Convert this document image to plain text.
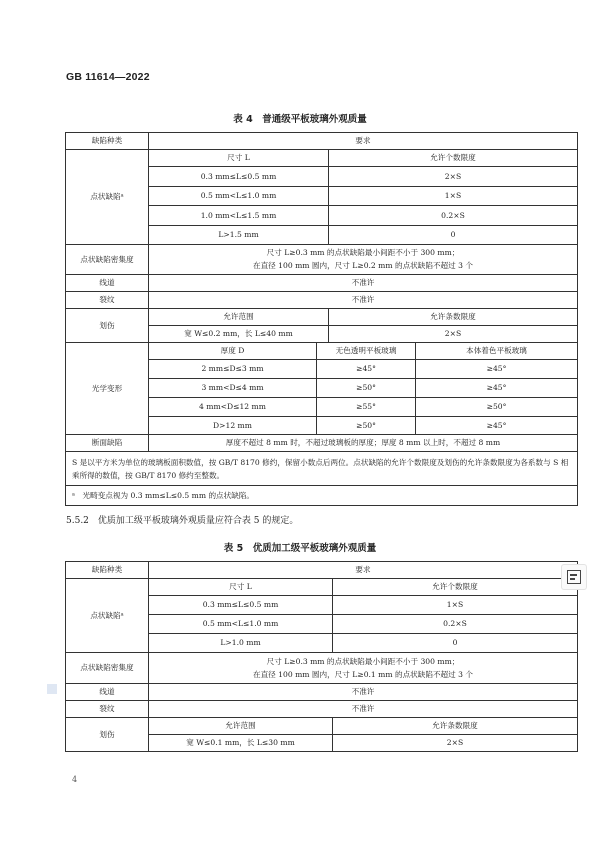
GB 11614—2022
表 4　普通级平板玻璃外观质量
缺陷种类	要求			
点状缺陷ᵃ	尺寸 L		允许个数限度	
	0.3 mm≤L≤0.5 mm		2×S	
	0.5 mm<L≤1.0 mm		1×S	
	1.0 mm<L≤1.5 mm		0.2×S	
	L>1.5 mm		0	
点状缺陷密集度	尺寸 L≥0.3 mm 的点状缺陷最小间距不小于 300 mm；
在直径 100 mm 圆内，尺寸 L≥0.2 mm 的点状缺陷不超过 3 个			

线道	不准许			
裂纹	不准许			
划伤	允许范围		允许条数限度	
	宽 W≤0.2 mm，长 L≤40 mm		2×S	
光学变形	厚度 D	无色透明平板玻璃		本体着色平板玻璃
	2 mm≤D≤3 mm	≥45°		≥45°
	3 mm<D≤4 mm	≥50°		≥45°
	4 mm<D≤12 mm	≥55°		≥50°
	D>12 mm	≥50°		≥45°
断面缺陷	厚度不超过 8 mm 时，不超过玻璃板的厚度；厚度 8 mm 以上时，不超过 8 mm			
S 是以平方米为单位的玻璃板面积数值，按 GB/T 8170 修约，保留小数点后两位。点状缺陷的允许个数限度及划伤的允许条数限度为各系数与 S 相乘所得的数值，按 GB/T 8170 修约至整数。				
ᵃ　光畸变点视为 0.3 mm≤L≤0.5 mm 的点状缺陷。				
5.5.2　优质加工级平板玻璃外观质量应符合表 5 的规定。
表 5　优质加工级平板玻璃外观质量
缺陷种类	要求	
点状缺陷ᵃ	尺寸 L	允许个数限度
	0.3 mm≤L≤0.5 mm	1×S
	0.5 mm<L≤1.0 mm	0.2×S
	L>1.0 mm	0
点状缺陷密集度	尺寸 L≥0.3 mm 的点状缺陷最小间距不小于 300 mm；
在直径 100 mm 圆内，尺寸 L≥0.1 mm 的点状缺陷不超过 3 个	

线道	不准许	
裂纹	不准许	
划伤	允许范围	允许条数限度
	宽 W≤0.1 mm，长 L≤30 mm	2×S
4
